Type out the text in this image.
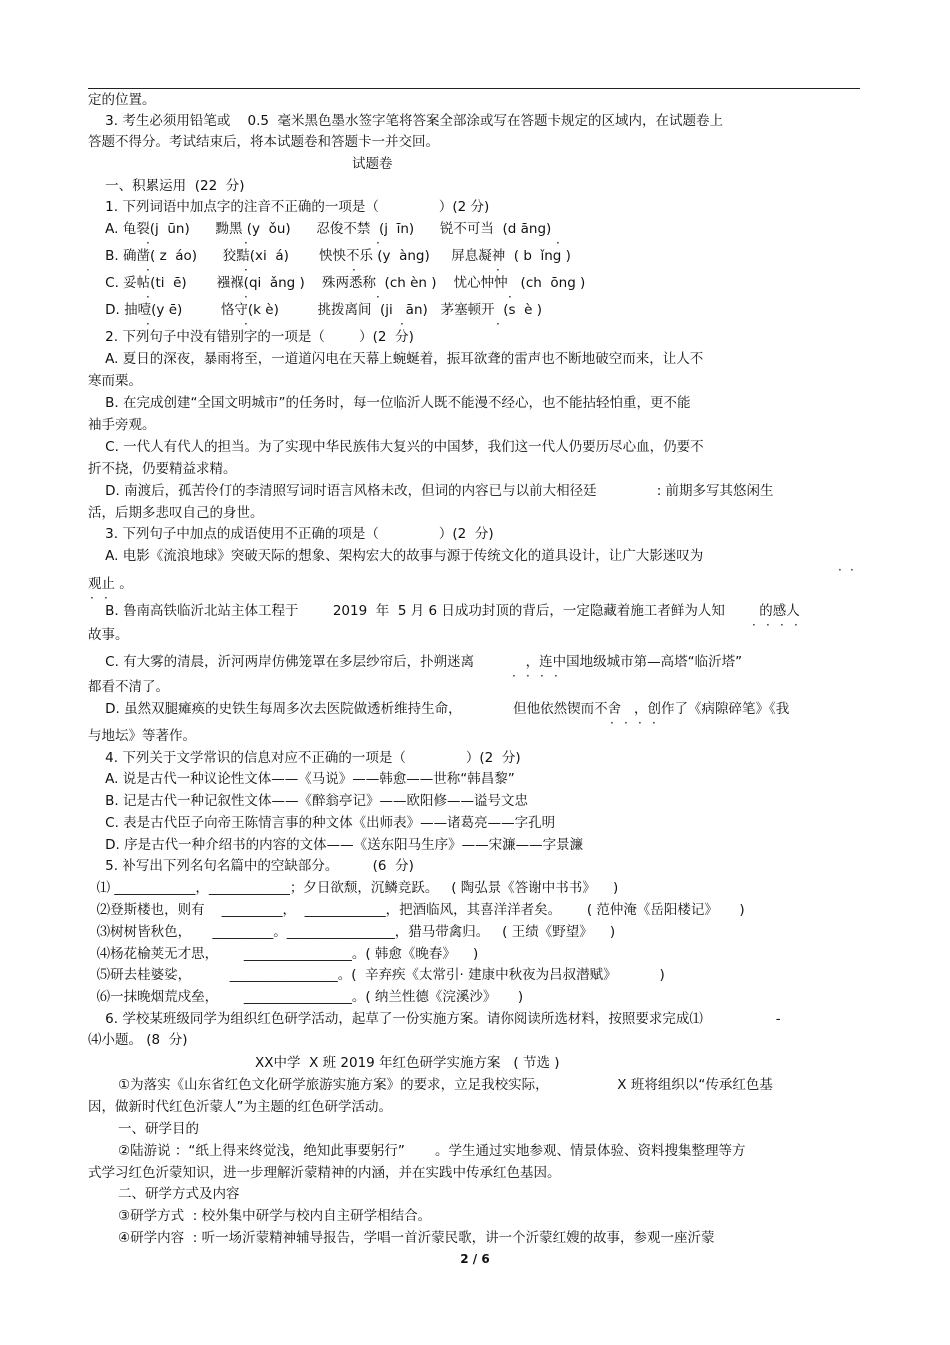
定的位置。
3. 考生必须用铅笔或    0.5  毫米黑色墨水签字笔将答案全部涂或写在答题卡规定的区域内，在试题卷上
答题不得分。考试结束后，将本试题卷和答题卡一并交回。
试题卷
一、积累运用  (22  分)
1. 下列词语中加点字的注音不正确的一项是（              ）(2 分)
A. 龟裂(j  ūn)      黝黑 (y  ǒu)      忍俊不禁  (j  īn)      锐不可当  (d āng)
B. 确凿( z  áo)      狡黠(xi  á)       怏怏不乐 (y  àng)     屏息凝神  ( b  ǐng )
C. 妥帖(ti  ē)       襁褓(qi  ǎng )    殊两悉称  (ch èn )    忧心忡忡   (ch  ōng )
D. 抽噎(y ē)         恪守(k è)         挑拨离间  (ji   ān)   茅塞顿开  (s  è )
2. 下列句子中没有错别字的一项是（        ）(2  分)
A. 夏日的深夜，暴雨将至，一道道闪电在天幕上蜿蜒着，振耳欲聋的雷声也不断地破空而来，让人不
寒而栗。
B. 在完成创建“全国文明城市”的任务时，每一位临沂人既不能漫不经心，也不能拈轻怕重，更不能
袖手旁观。
C. 一代人有代人的担当。为了实现中华民族伟大复兴的中国梦，我们这一代人仍要历尽心血，仍要不
折不挠，仍要精益求精。
D. 南渡后，孤苦伶仃的李清照写词时语言风格未改，但词的内容已与以前大相径廷              : 前期多写其悠闲生
活，后期多悲叹自己的身世。
3. 下列句子中加点的成语使用不正确的项是（              ）(2  分)
A. 电影《流浪地球》突破天际的想象、架构宏大的故事与源于传统文化的道具设计，让广大影迷叹为
观止 。
B. 鲁南高铁临沂北站主体工程于        2019  年  5 月 6 日成功封顶的背后，一定隐藏着施工者鲜为人知        的感人
故事。
C. 有大雾的清晨，沂河两岸仿佛笼罩在多层纱帘后，扑朔迷离            ，连中国地级城市第—高塔“临沂塔”
都看不清了。
D. 虽然双腿瘫痪的史铁生每周多次去医院做透析维持生命，            但他依然锲而不舍   ，创作了《病隙碎笔》《我
与地坛》等著作。
4. 下列关于文学常识的信息对应不正确的一项是（              ）(2  分)
A. 说是古代一种议论性文体——《马说》——韩愈——世称“韩昌黎”
B. 记是古代一种记叙性文体——《醉翁亭记》——欧阳修——谥号文忠
C. 表是古代臣子向帝王陈情言事的种文体《出师表》——诸葛亮——字孔明
D. 序是古代一种介绍书的内容的文体——《送东阳马生序》——宋濂——字景濂
5. 补写出下列名句名篇中的空缺部分。        (6  分)
⑴ ____________，____________；夕日欲颓，沉鳞竞跃。   ( 陶弘景《答谢中书书》    )
⑵登斯楼也，则有    _________，  ____________，把酒临风，其喜洋洋者矣。      ( 范仲淹《岳阳楼记》     )
⑶树树皆秋色，     _________。________________，猎马带禽归。   ( 王绩《野望》    )
⑷杨花榆荚无才思，      ________________。( 韩愈《晚春》    )
⑸研去桂婆娑，         ________________。(  辛弃疾《太常引· 建康中秋夜为吕叔潜赋》          )
⑹一抹晚烟荒戍垒，      ________________。( 纳兰性德《浣溪沙》     )
6. 学校某班级同学为组织红色研学活动，起草了一份实施方案。请你阅读所选材料，按照要求完成⑴                 -
⑷小题。 (8  分)
XX中学  X 班 2019 年红色研学实施方案   ( 节选 )
①为落实《山东省红色文化研学旅游实施方案》的要求，立足我校实际，                X 班将组织以“传承红色基
因，做新时代红色沂蒙人”为主题的红色研学活动。
一、研学目的
②陆游说 ：“纸上得来终觉浅，绝知此事要躬行”       。学生通过实地参观、情景体验、资料搜集整理等方
式学习红色沂蒙知识，进一步理解沂蒙精神的内涵，并在实践中传承红色基因。
二、研学方式及内容
③研学方式  : 校外集中研学与校内自主研学相结合。
④研学内容  : 听一场沂蒙精神辅导报告，学唱一首沂蒙民歌，讲一个沂蒙红嫂的故事，参观一座沂蒙
·	·	·	·
·	·	·	·
·	·	·	·
·	·	·	·
· ·
· ·
· · · ·
· · · ·
· · · ·
2 / 6
